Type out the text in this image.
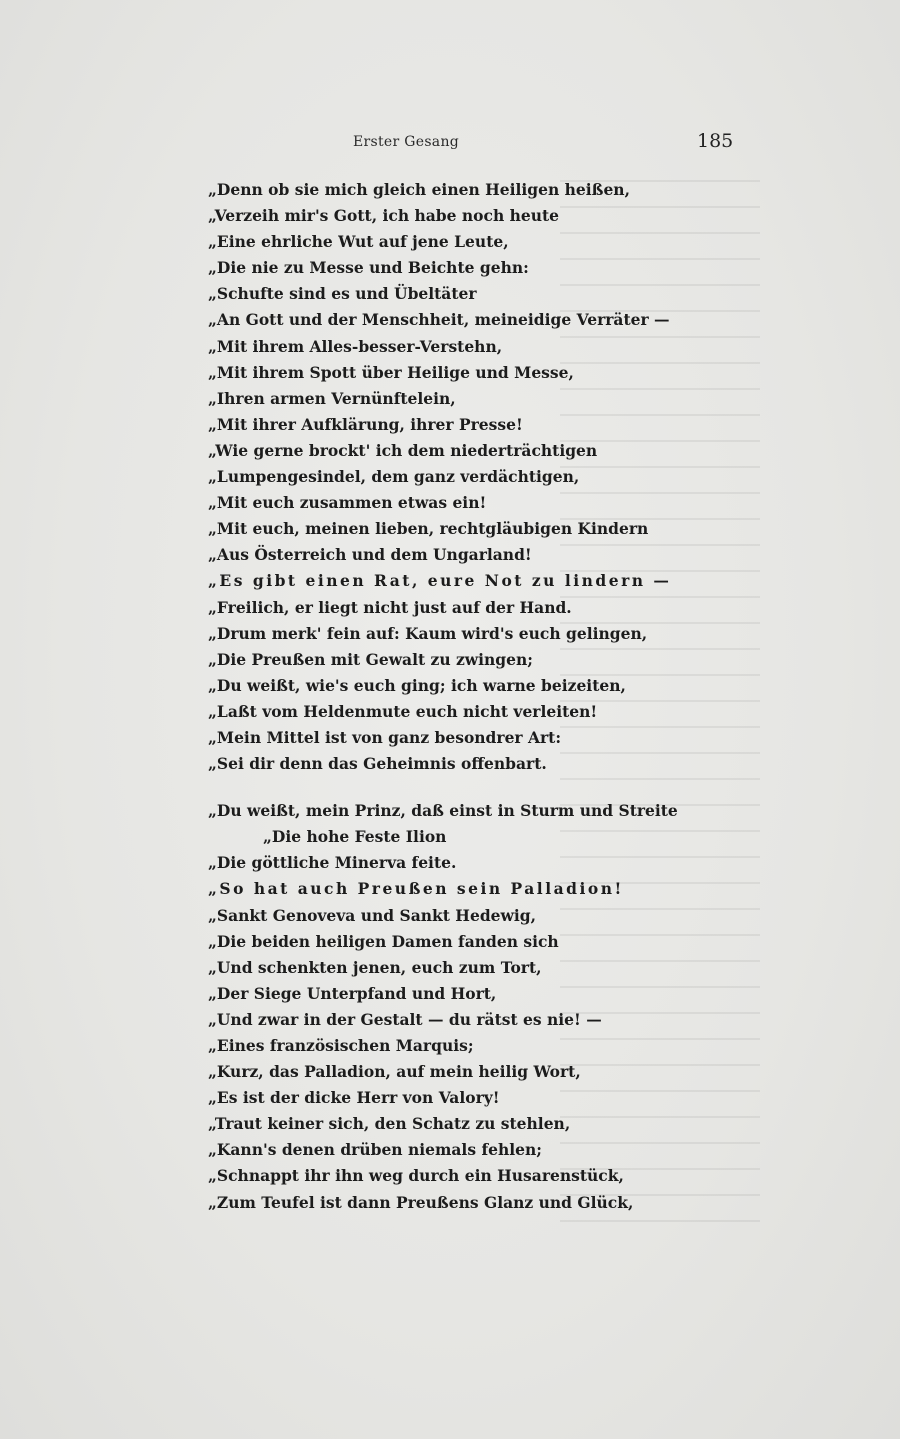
Erster Gesang	185
„Denn ob sie mich gleich einen Heiligen heißen,
„Verzeih mir's Gott, ich habe noch heute
„Eine ehrliche Wut auf jene Leute,
„Die nie zu Messe und Beichte gehn:
„Schufte sind es und Übeltäter
„An Gott und der Menschheit, meineidige Verräter —
„Mit ihrem Alles-besser-Verstehn,
„Mit ihrem Spott über Heilige und Messe,
„Ihren armen Vernünftelein,
„Mit ihrer Aufklärung, ihrer Presse!
„Wie gerne brockt' ich dem niederträchtigen
„Lumpengesindel, dem ganz verdächtigen,
„Mit euch zusammen etwas ein!
„Mit euch, meinen lieben, rechtgläubigen Kindern
„Aus Österreich und dem Ungarland!
„Es gibt einen Rat, eure Not zu lindern —
„Freilich, er liegt nicht just auf der Hand.
„Drum merk' fein auf: Kaum wird's euch gelingen,
„Die Preußen mit Gewalt zu zwingen;
„Du weißt, wie's euch ging; ich warne beizeiten,
„Laßt vom Heldenmute euch nicht verleiten!
„Mein Mittel ist von ganz besondrer Art:
„Sei dir denn das Geheimnis offenbart.
„Du weißt, mein Prinz, daß einst in Sturm und Streite
„Die hohe Feste Ilion
„Die göttliche Minerva feite.
„So hat auch Preußen sein Palladion!
„Sankt Genoveva und Sankt Hedewig,
„Die beiden heiligen Damen fanden sich
„Und schenkten jenen, euch zum Tort,
„Der Siege Unterpfand und Hort,
„Und zwar in der Gestalt — du rätst es nie! —
„Eines französischen Marquis;
„Kurz, das Palladion, auf mein heilig Wort,
„Es ist der dicke Herr von Valory!
„Traut keiner sich, den Schatz zu stehlen,
„Kann's denen drüben niemals fehlen;
„Schnappt ihr ihn weg durch ein Husarenstück,
„Zum Teufel ist dann Preußens Glanz und Glück,
